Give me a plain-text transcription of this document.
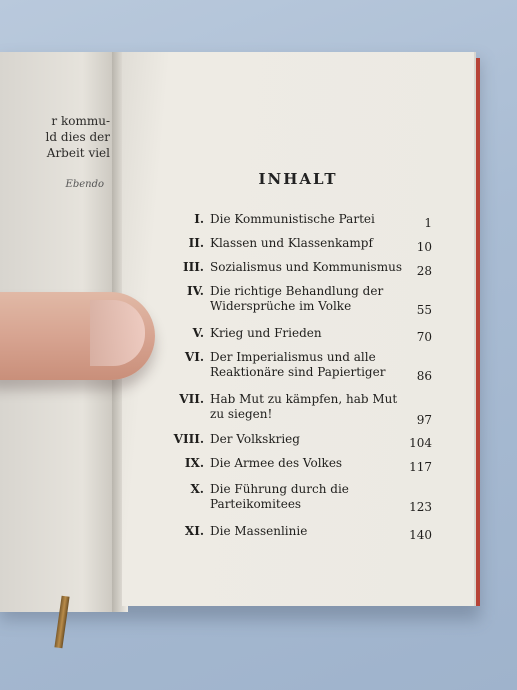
r kommu-
ld dies der
Arbeit viel
Ebendo	INHALT
I. Die Kommunistische Partei	1
II. Klassen und Klassenkampf	10
III. Sozialismus und Kommunismus 28
IV. Die richtige Behandlung der Widersprüche im Volke	55
V. Krieg und Frieden	70
VI. Der Imperialismus und alle Reaktionäre sind Papiertiger	86
VII. Hab Mut zu kämpfen, hab Mut zu siegen!	97
VIII. Der Volkskrieg	104
IX. Die Armee des Volkes	117
X. Die Führung durch die Parteikomitees	123
XI. Die Massenlinie	140
